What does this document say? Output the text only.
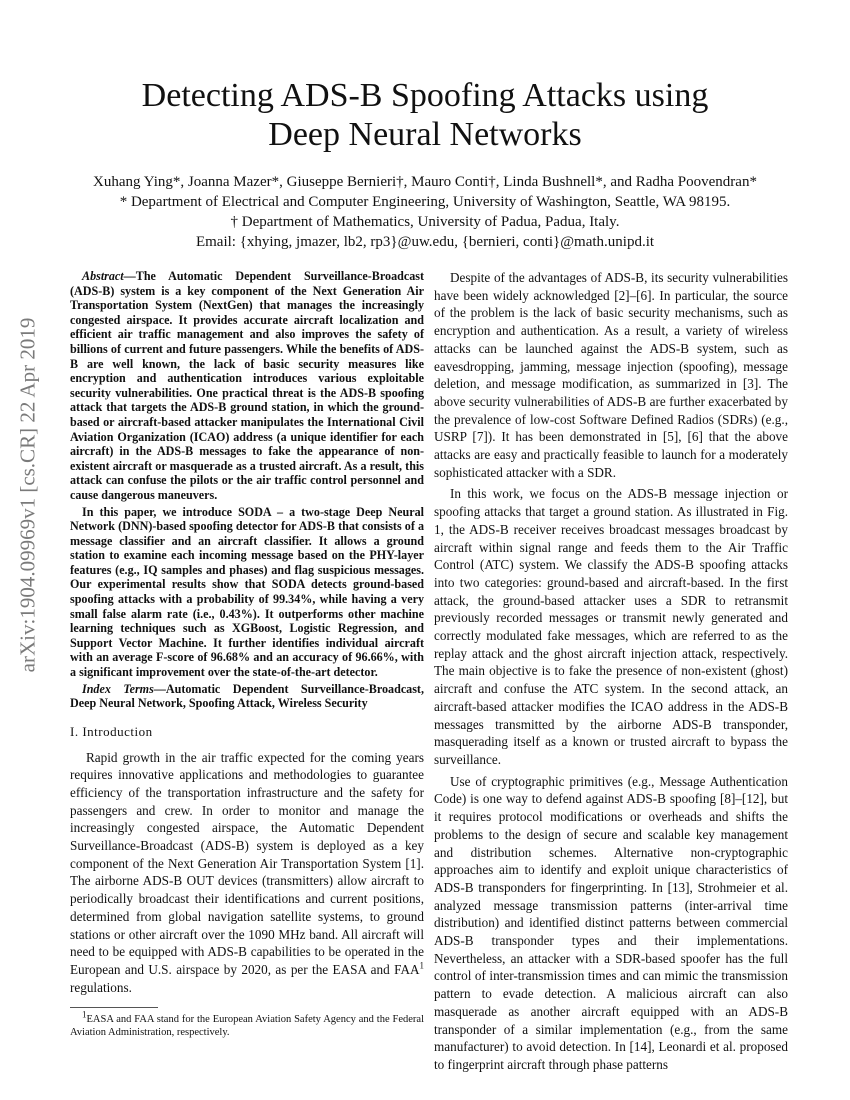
arXiv:1904.09969v1 [cs.CR] 22 Apr 2019
Detecting ADS-B Spoofing Attacks using
Deep Neural Networks
Xuhang Ying*, Joanna Mazer*, Giuseppe Bernieri†, Mauro Conti†, Linda Bushnell*, and Radha Poovendran*
* Department of Electrical and Computer Engineering, University of Washington, Seattle, WA 98195.
† Department of Mathematics, University of Padua, Padua, Italy.
Email: {xhying, jmazer, lb2, rp3}@uw.edu, {bernieri, conti}@math.unipd.it

Abstract—The Automatic Dependent Surveillance-Broadcast (ADS-B) system is a key component of the Next Generation Air Transportation System (NextGen) that manages the increasingly congested airspace. It provides accurate aircraft localization and efficient air traffic management and also improves the safety of billions of current and future passengers. While the benefits of ADS-B are well known, the lack of basic security measures like encryption and authentication introduces various exploitable security vulnerabilities. One practical threat is the ADS-B spoofing attack that targets the ADS-B ground station, in which the ground-based or aircraft-based attacker manipulates the International Civil Aviation Organization (ICAO) address (a unique identifier for each aircraft) in the ADS-B messages to fake the appearance of non-existent aircraft or masquerade as a trusted aircraft. As a result, this attack can confuse the pilots or the air traffic control personnel and cause dangerous maneuvers.

In this paper, we introduce SODA – a two-stage Deep Neural Network (DNN)-based spoofing detector for ADS-B that consists of a message classifier and an aircraft classifier. It allows a ground station to examine each incoming message based on the PHY-layer features (e.g., IQ samples and phases) and flag suspicious messages. Our experimental results show that SODA detects ground-based spoofing attacks with a probability of 99.34%, while having a very small false alarm rate (i.e., 0.43%). It outperforms other machine learning techniques such as XGBoost, Logistic Regression, and Support Vector Machine. It further identifies individual aircraft with an average F-score of 96.68% and an accuracy of 96.66%, with a significant improvement over the state-of-the-art detector.

Index Terms—Automatic Dependent Surveillance-Broadcast, Deep Neural Network, Spoofing Attack, Wireless Security

I. Introduction

Rapid growth in the air traffic expected for the coming years requires innovative applications and methodologies to guarantee efficiency of the transportation infrastructure and the safety for passengers and crew. In order to monitor and manage the increasingly congested airspace, the Automatic Dependent Surveillance-Broadcast (ADS-B) system is deployed as a key component of the Next Generation Air Transportation System [1]. The airborne ADS-B OUT devices (transmitters) allow aircraft to periodically broadcast their identifications and current positions, determined from global navigation satellite systems, to ground stations or other aircraft over the 1090 MHz band. All aircraft will need to be equipped with ADS-B capabilities to be operated in the European and U.S. airspace by 2020, as per the EASA and FAA$^1$ regulations.

$^1$EASA and FAA stand for the European Aviation Safety Agency and the Federal Aviation Administration, respectively.

Despite of the advantages of ADS-B, its security vulnerabilities have been widely acknowledged [2]–[6]. In particular, the source of the problem is the lack of basic security mechanisms, such as encryption and authentication. As a result, a variety of wireless attacks can be launched against the ADS-B system, such as eavesdropping, jamming, message injection (spoofing), message deletion, and message modification, as summarized in [3]. The above security vulnerabilities of ADS-B are further exacerbated by the prevalence of low-cost Software Defined Radios (SDRs) (e.g., USRP [7]). It has been demonstrated in [5], [6] that the above attacks are easy and practically feasible to launch for a moderately sophisticated attacker with a SDR.

In this work, we focus on the ADS-B message injection or spoofing attacks that target a ground station. As illustrated in Fig. 1, the ADS-B receiver receives broadcast messages broadcast by aircraft within signal range and feeds them to the Air Traffic Control (ATC) system. We classify the ADS-B spoofing attacks into two categories: ground-based and aircraft-based. In the first attack, the ground-based attacker uses a SDR to retransmit previously recorded messages or transmit newly generated and correctly modulated fake messages, which are referred to as the replay attack and the ghost aircraft injection attack, respectively. The main objective is to fake the presence of non-existent (ghost) aircraft and confuse the ATC system. In the second attack, an aircraft-based attacker modifies the ICAO address in the ADS-B messages transmitted by the airborne ADS-B transponder, masquerading itself as a known or trusted aircraft to bypass the surveillance.

Use of cryptographic primitives (e.g., Message Authentication Code) is one way to defend against ADS-B spoofing [8]–[12], but it requires protocol modifications or overheads and shifts the problems to the design of secure and scalable key management and distribution schemes. Alternative non-cryptographic approaches aim to identify and exploit unique characteristics of ADS-B transponders for fingerprinting. In [13], Strohmeier et al. analyzed message transmission patterns (inter-arrival time distribution) and identified distinct patterns between commercial ADS-B transponder types and their implementations. Nevertheless, an attacker with a SDR-based spoofer has the full control of inter-transmission times and can mimic the transmission pattern to evade detection. A malicious aircraft can also masquerade as another aircraft equipped with an ADS-B transponder of a similar implementation (e.g., from the same manufacturer) to avoid detection. In [14], Leonardi et al. proposed to fingerprint aircraft through phase patterns
